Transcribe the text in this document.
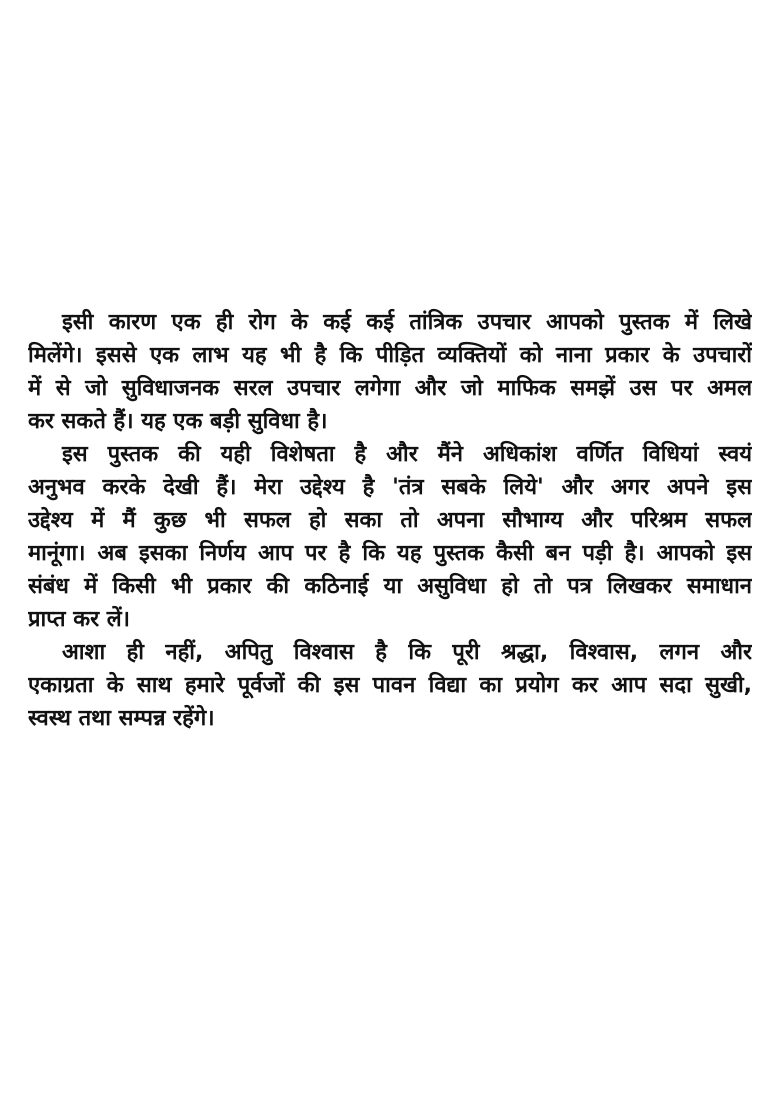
इसी कारण एक ही रोग के कई कई तांत्रिक उपचार आपको पुस्तक में लिखे
मिलेंगे। इससे एक लाभ यह भी है कि पीड़ित व्यक्तियों को नाना प्रकार के उपचारों
में से जो सुविधाजनक सरल उपचार लगेगा और जो माफिक समझें उस पर अमल
कर सकते हैं। यह एक बड़ी सुविधा है।
इस पुस्तक की यही विशेषता है और मैंने अधिकांश वर्णित विधियां स्वयं
अनुभव करके देखी हैं। मेरा उद्देश्य है 'तंत्र सबके लिये' और अगर अपने इस
उद्देश्य में मैं कुछ भी सफल हो सका तो अपना सौभाग्य और परिश्रम सफल
मानूंगा। अब इसका निर्णय आप पर है कि यह पुस्तक कैसी बन पड़ी है। आपको इस
संबंध में किसी भी प्रकार की कठिनाई या असुविधा हो तो पत्र लिखकर समाधान
प्राप्त कर लें।
आशा ही नहीं, अपितु विश्वास है कि पूरी श्रद्धा, विश्वास, लगन और
एकाग्रता के साथ हमारे पूर्वजों की इस पावन विद्या का प्रयोग कर आप सदा सुखी,
स्वस्थ तथा सम्पन्न रहेंगे।
